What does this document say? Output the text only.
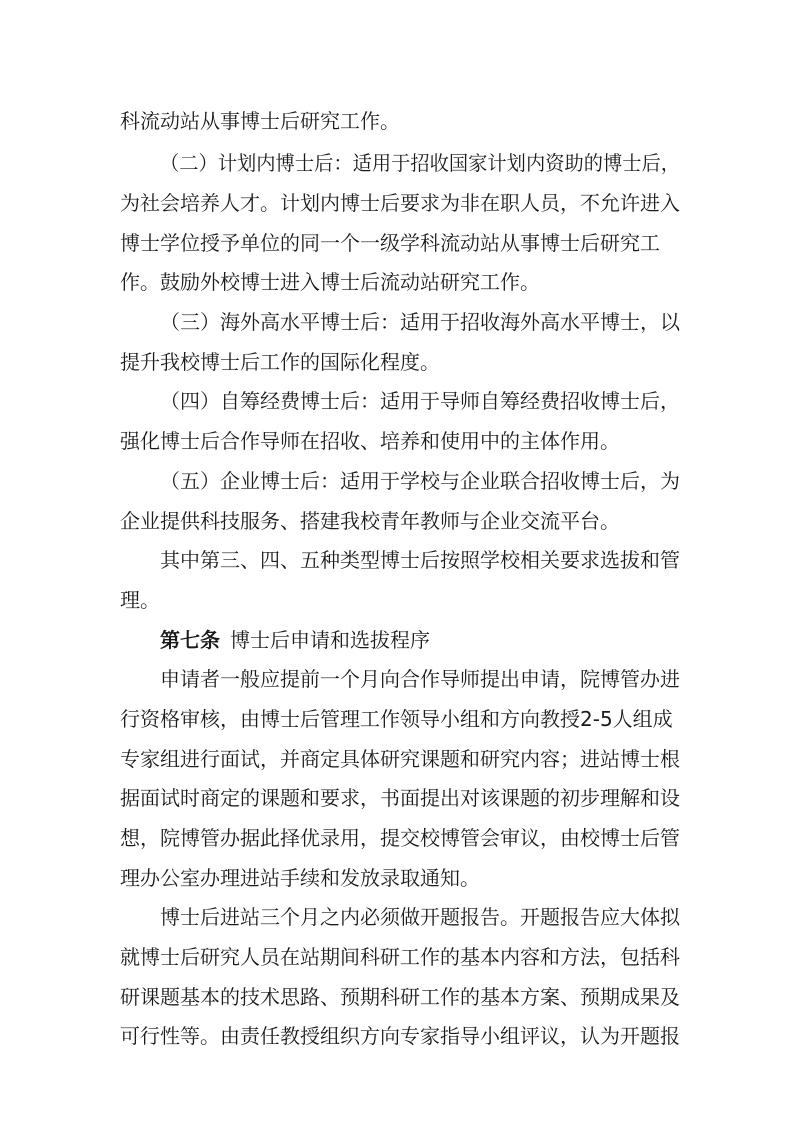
科流动站从事博士后研究工作。
（二）计划内博士后：适用于招收国家计划内资助的博士后，
为社会培养人才。计划内博士后要求为非在职人员，不允许进入
博士学位授予单位的同一个一级学科流动站从事博士后研究工
作。鼓励外校博士进入博士后流动站研究工作。
（三）海外高水平博士后：适用于招收海外高水平博士，以
提升我校博士后工作的国际化程度。
（四）自筹经费博士后：适用于导师自筹经费招收博士后，
强化博士后合作导师在招收、培养和使用中的主体作用。
（五）企业博士后：适用于学校与企业联合招收博士后，为
企业提供科技服务、搭建我校青年教师与企业交流平台。
其中第三、四、五种类型博士后按照学校相关要求选拔和管
理。
第七条 博士后申请和选拔程序
申请者一般应提前一个月向合作导师提出申请，院博管办进
行资格审核，由博士后管理工作领导小组和方向教授2-5人组成
专家组进行面试，并商定具体研究课题和研究内容；进站博士根
据面试时商定的课题和要求，书面提出对该课题的初步理解和设
想，院博管办据此择优录用，提交校博管会审议，由校博士后管
理办公室办理进站手续和发放录取通知。
博士后进站三个月之内必须做开题报告。开题报告应大体拟
就博士后研究人员在站期间科研工作的基本内容和方法，包括科
研课题基本的技术思路、预期科研工作的基本方案、预期成果及
可行性等。由责任教授组织方向专家指导小组评议，认为开题报
